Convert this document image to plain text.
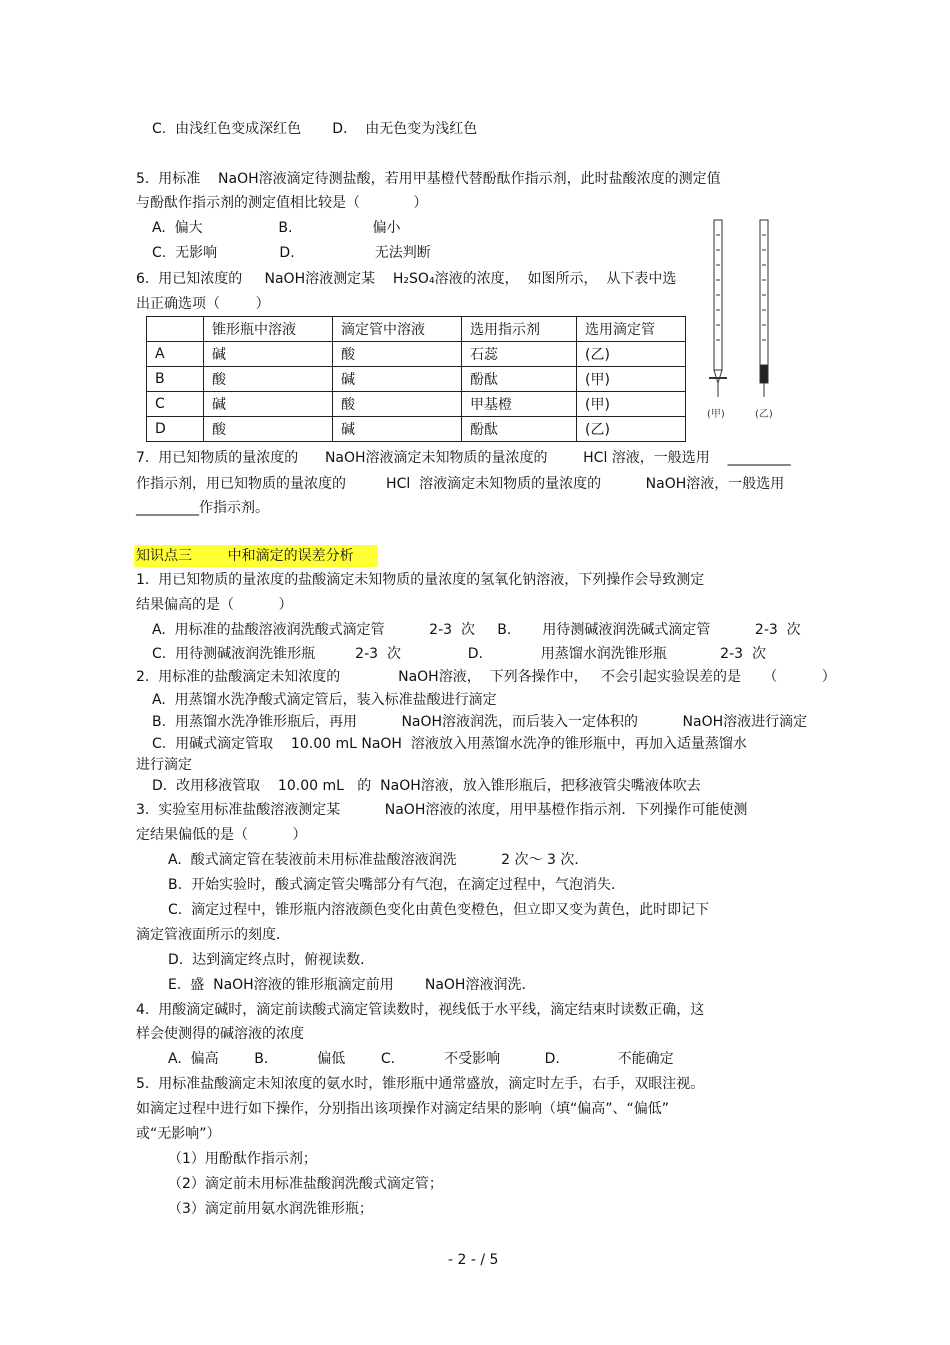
C.  由浅红色变成深红色       D.    由无色变为浅红色
5.  用标准    NaOH溶液滴定待测盐酸，若用甲基橙代替酚酞作指示剂，此时盐酸浓度的测定值
与酚酞作指示剂的测定值相比较是（            ）
A.  偏大                 B.                  偏小
C.  无影响              D.                  无法判断
6.  用已知浓度的     NaOH溶液测定某    H₂SO₄溶液的浓度，  如图所示，  从下表中选
出正确选项（        ）
	锥形瓶中溶液	滴定管中溶液	选用指示剂	选用滴定管
A	碱	酸	石蕊	(乙)
B	酸	碱	酚酞	(甲)
C	碱	酸	甲基橙	(甲)
D	酸	碱	酚酞	(乙)
(甲)	(乙)
7.  用已知物质的量浓度的      NaOH溶液滴定未知物质的量浓度的        HCl 溶液，一般选用    _________
作指示剂，用已知物质的量浓度的         HCl  溶液滴定未知物质的量浓度的          NaOH溶液，一般选用
_________作指示剂。
知识点三        中和滴定的误差分析
1.  用已知物质的量浓度的盐酸滴定未知物质的量浓度的氢氧化钠溶液，下列操作会导致测定
结果偏高的是（          ）
A.  用标准的盐酸溶液润洗酸式滴定管          2-3  次     B.       用待测碱液润洗碱式滴定管          2-3  次
C.  用待测碱液润洗锥形瓶         2-3  次               D.             用蒸馏水润洗锥形瓶            2-3  次
2.  用标准的盐酸滴定未知浓度的             NaOH溶液，  下列各操作中，   不会引起实验误差的是     （          ）
A.  用蒸馏水洗净酸式滴定管后，装入标准盐酸进行滴定
B.  用蒸馏水洗净锥形瓶后，再用          NaOH溶液润洗，而后装入一定体积的          NaOH溶液进行滴定
C.  用碱式滴定管取    10.00 mL NaOH  溶液放入用蒸馏水洗净的锥形瓶中，再加入适量蒸馏水
进行滴定
D.  改用移液管取    10.00 mL   的  NaOH溶液，放入锥形瓶后，把移液管尖嘴液体吹去
3.  实验室用标准盐酸溶液测定某          NaOH溶液的浓度，用甲基橙作指示剂．下列操作可能使测
定结果偏低的是（          ）
A.  酸式滴定管在装液前未用标准盐酸溶液润洗          2 次～ 3 次．
B.  开始实验时，酸式滴定管尖嘴部分有气泡，在滴定过程中，气泡消失．
C.  滴定过程中，锥形瓶内溶液颜色变化由黄色变橙色，但立即又变为黄色，此时即记下
滴定管液面所示的刻度．
D.  达到滴定终点时，俯视读数．
E.  盛  NaOH溶液的锥形瓶滴定前用       NaOH溶液润洗．
4.  用酸滴定碱时，滴定前读酸式滴定管读数时，视线低于水平线，滴定结束时读数正确，这
样会使测得的碱溶液的浓度
A.  偏高        B.           偏低        C.           不受影响          D.             不能确定
5.  用标准盐酸滴定未知浓度的氨水时，锥形瓶中通常盛放，滴定时左手，右手，双眼注视。
如滴定过程中进行如下操作，分别指出该项操作对滴定结果的影响（填“偏高”、“偏低”
或“无影响”）
（1）用酚酞作指示剂；
（2）滴定前未用标准盐酸润洗酸式滴定管；
（3）滴定前用氨水润洗锥形瓶；
- 2 - / 5
